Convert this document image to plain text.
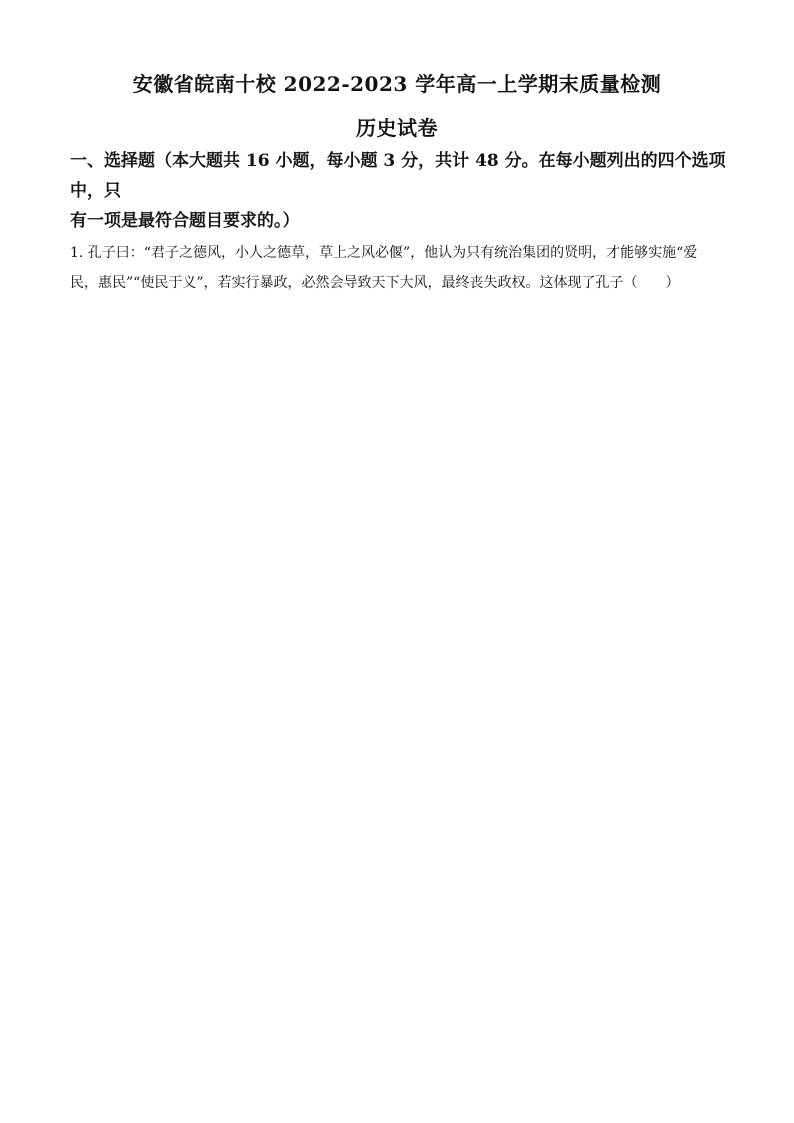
安徽省皖南十校 2022-2023 学年高一上学期末质量检测
历史试卷
一、选择题（本大题共 16 小题，每小题 3 分，共计 48 分。在每小题列出的四个选项中，只
有一项是最符合题目要求的。）
1. 孔子曰：“君子之德风，小人之德草，草上之风必偃”，他认为只有统治集团的贤明，才能够实施“爱
民，惠民”“使民于义”，若实行暴政，必然会导致天下大风，最终丧失政权。这体现了孔子（　　）
